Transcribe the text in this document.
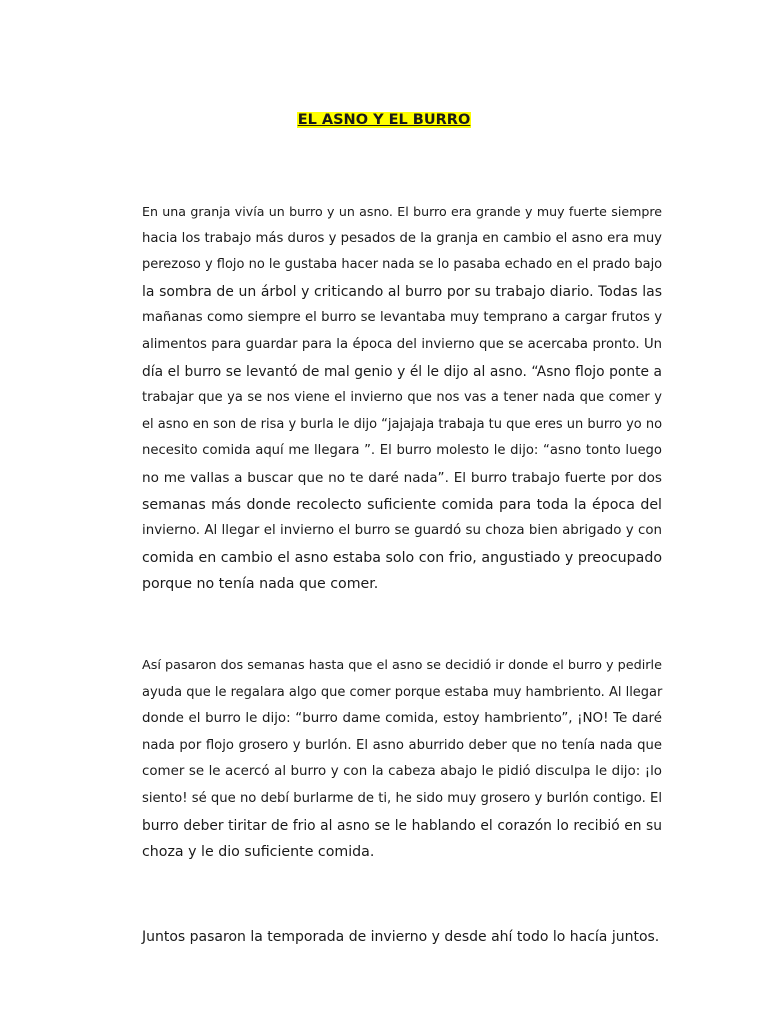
EL ASNO Y EL BURRO

En una granja vivía un burro y un asno. El burro era grande y muy fuerte siempre
hacia los trabajo más duros y pesados de la granja en cambio el asno era muy
perezoso y flojo no le gustaba hacer nada se lo pasaba echado en el prado bajo
la sombra de un árbol y criticando al burro por su trabajo diario. Todas las
mañanas como siempre el burro se levantaba muy temprano a cargar frutos y
alimentos para guardar para la época del invierno que se acercaba pronto. Un
día el burro se levantó de mal genio y él le dijo al asno. “Asno flojo ponte a
trabajar que ya se nos viene el invierno que nos vas a tener nada que comer y
el asno en son de risa y burla le dijo “jajajaja trabaja tu que eres un burro yo no
necesito comida aquí me llegara ”. El burro molesto le dijo: “asno tonto luego
no me vallas a buscar que no te daré nada”. El burro trabajo fuerte por dos
semanas más donde recolecto suficiente comida para toda la época del
invierno. Al llegar el invierno el burro se guardó su choza bien abrigado y con
comida en cambio el asno estaba solo con frio, angustiado y preocupado
porque no tenía nada que comer.

Así pasaron dos semanas hasta que el asno se decidió ir donde el burro y pedirle
ayuda que le regalara algo que comer porque estaba muy hambriento. Al llegar
donde el burro le dijo: “burro dame comida, estoy hambriento”, ¡NO! Te daré
nada por flojo grosero y burlón. El asno aburrido deber que no tenía nada que
comer se le acercó al burro y con la cabeza abajo le pidió disculpa le dijo: ¡lo
siento! sé que no debí burlarme de ti, he sido muy grosero y burlón contigo. El
burro deber tiritar de frio al asno se le hablando el corazón lo recibió en su
choza y le dio suficiente comida.

Juntos pasaron la temporada de invierno y desde ahí todo lo hacía juntos.
